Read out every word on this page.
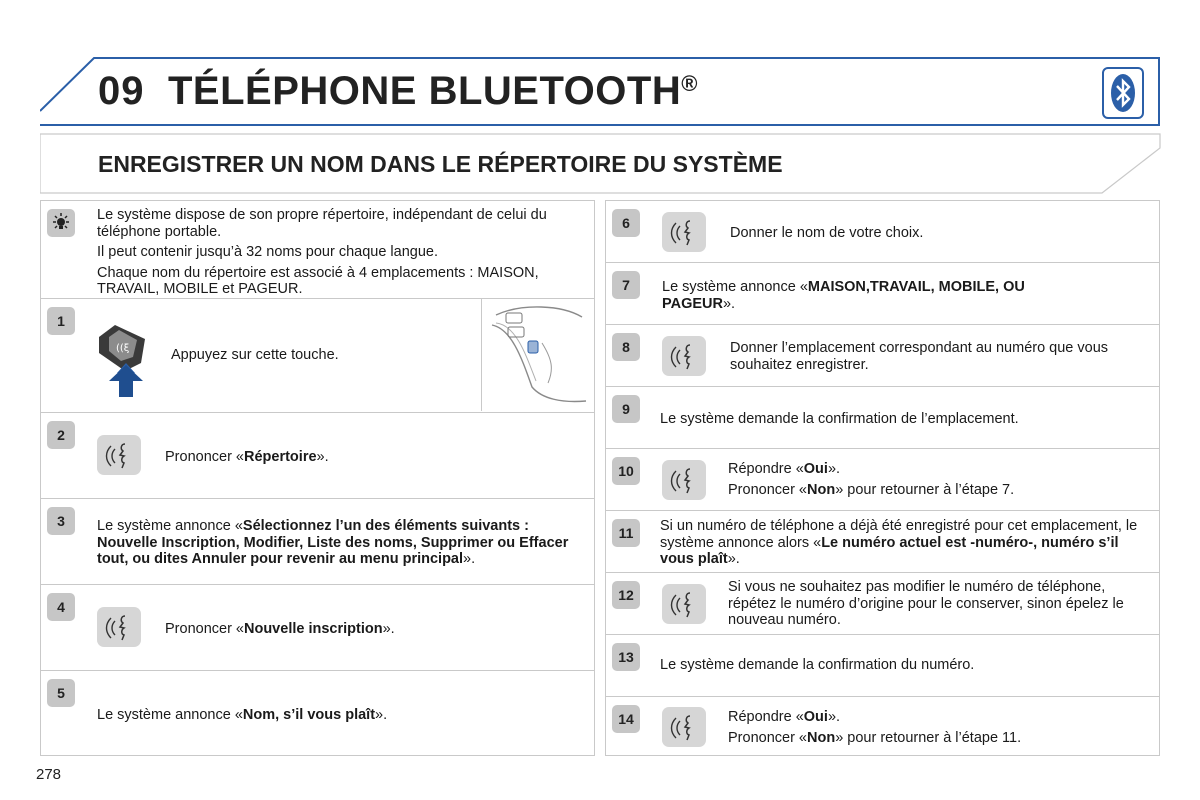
09 TÉLÉPHONE BLUETOOTH®
ENREGISTRER UN NOM DANS LE RÉPERTOIRE DU SYSTÈME
Le système dispose de son propre répertoire, indépendant de celui du téléphone portable.
Il peut contenir jusqu’à 32 noms pour chaque langue.
Chaque nom du répertoire est associé à 4 emplacements : MAISON, TRAVAIL, MOBILE et PAGEUR.
1
((ξ	Appuyez sur cette touche.
2
Prononcer «Répertoire».
3	Le système annonce «Sélectionnez l’un des éléments suivants : Nouvelle Inscription, Modifier, Liste des noms, Supprimer ou Effacer tout, ou dites Annuler pour revenir au menu principal».
4
Prononcer «Nouvelle inscription».
5
Le système annonce «Nom, s’il vous plaît».
6
Donner le nom de votre choix.
7	Le système annonce «MAISON,TRAVAIL, MOBILE, OU PAGEUR».
8	Donner l’emplacement correspondant au numéro que vous souhaitez enregistrer.
9
Le système demande la confirmation de l’emplacement.
10	Répondre «Oui».
Prononcer «Non» pour retourner à l’étape 7.
11	Si un numéro de téléphone a déjà été enregistré pour cet emplacement, le système annonce alors «Le numéro actuel est -numéro-, numéro s’il vous plaît».
12	Si vous ne souhaitez pas modifier le numéro de téléphone, répétez le numéro d’origine pour le conserver, sinon épelez le nouveau numéro.
13	Le système demande la confirmation du numéro.
14	Répondre «Oui».
Prononcer «Non» pour retourner à l’étape 11.
278
